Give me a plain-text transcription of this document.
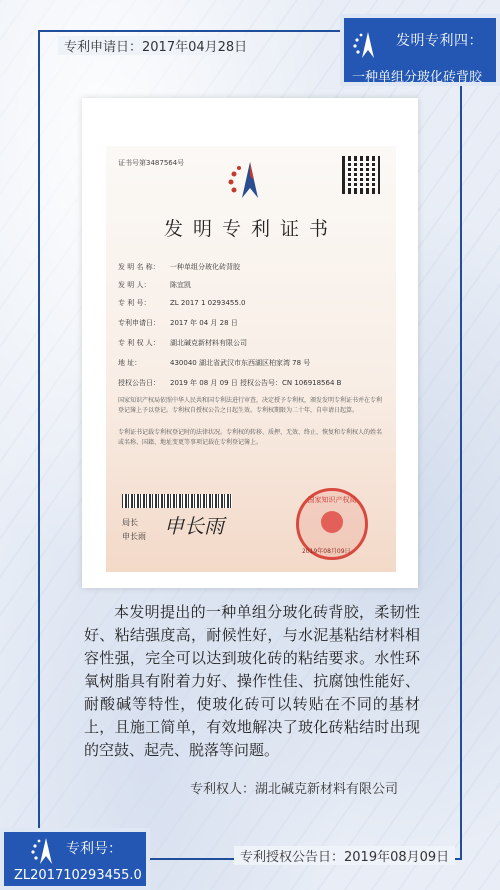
专利申请日：2017年04月28日	发明专利四：
一种单组分玻化砖背胶
证书号第3487564号
发明专利证书
发 明 名 称： 一种单组分玻化砖背胶
发 明 人：	陈宜凯
专 利 号：	ZL 2017 1 0293455.0
专利申请日： 2017 年 04 月 28 日
专 利 权 人： 湖北碱克新材料有限公司
地 址：	430040 湖北省武汉市东西湖区柏家湾 78 号
授权公告日： 2019 年 08 月 09 日 授权公告号：CN 106918564 B
国家知识产权局依照中华人民共和国专利法进行审查，决定授予专利权，颁发发明专利证书并在专利登记簿上予以登记。专利权自授权公告之日起生效。专利权期限为二十年，自申请日起算。
专利证书记载专利权登记时的法律状况。专利权的转移、质押、无效、终止、恢复和专利权人的姓名或名称、国籍、地址变更等事项记载在专利登记簿上。
局长
申长雨 申长雨
国家知识产权局
2019年08月09日
本发明提出的一种单组分玻化砖背胶，柔韧性好、粘结强度高，耐候性好，与水泥基粘结材料相容性强，完全可以达到玻化砖的粘结要求。水性环氧树脂具有附着力好、操作性佳、抗腐蚀性能好、耐酸碱等特性，使玻化砖可以转贴在不同的基材上，且施工简单，有效地解决了玻化砖粘结时出现的空鼓、起壳、脱落等问题。
专利权人：湖北碱克新材料有限公司
专利号：
ZL201710293455.0
专利授权公告日：2019年08月09日
